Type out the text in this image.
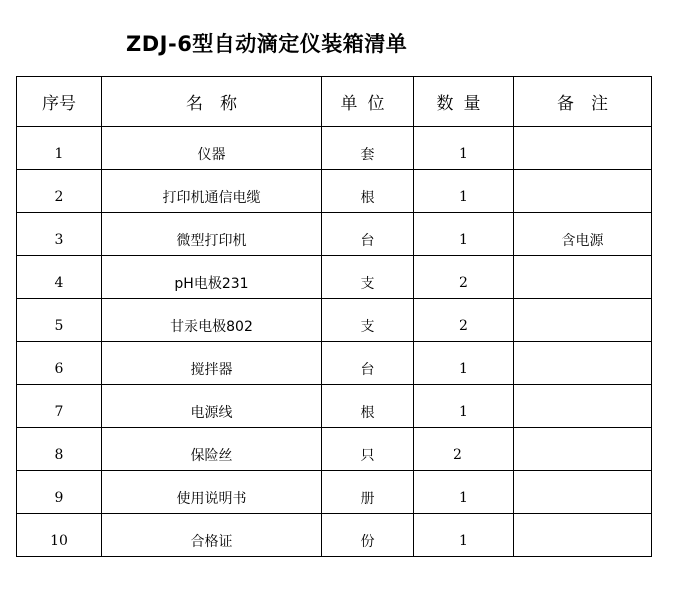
ZDJ-6型自动滴定仪装箱清单
序号	名　称	单位	数量	备　注
1	仪器	套	1	
2	打印机通信电缆	根	1	
3	微型打印机	台	1	含电源
4	pH电极231	支	2	
5	甘汞电极802	支	2	
6	搅拌器	台	1	
7	电源线	根	1	
8	保险丝	只	2	
9	使用说明书	册	1	
10	合格证	份	1	
